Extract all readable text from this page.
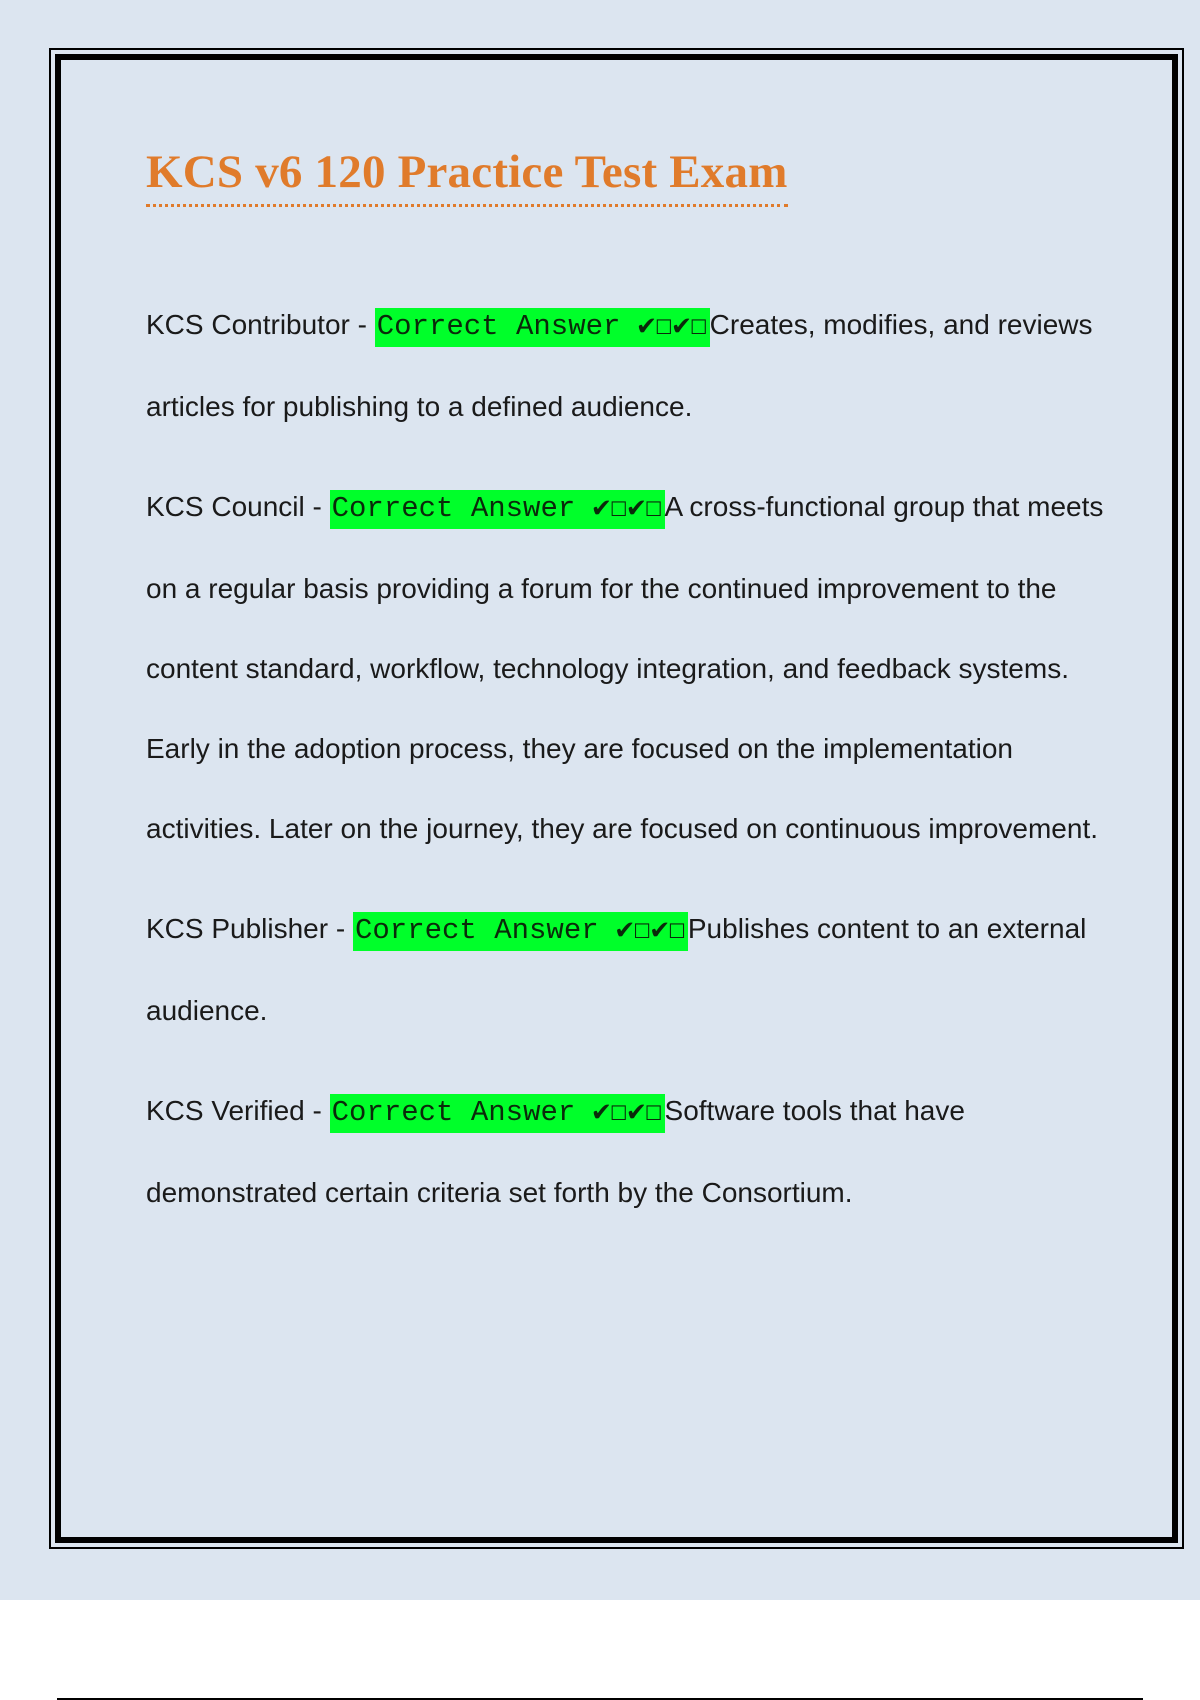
KCS v6 120 Practice Test Exam

KCS Contributor - Correct Answer ✔☐✔☐Creates, modifies, and reviews articles for publishing to a defined audience.

KCS Council - Correct Answer ✔☐✔☐A cross-functional group that meets on a regular basis providing a forum for the continued improvement to the content standard, workflow, technology integration, and feedback systems. Early in the adoption process, they are focused on the implementation activities. Later on the journey, they are focused on continuous improvement.

KCS Publisher - Correct Answer ✔☐✔☐Publishes content to an external audience.

KCS Verified - Correct Answer ✔☐✔☐Software tools that have demonstrated certain criteria set forth by the Consortium.
